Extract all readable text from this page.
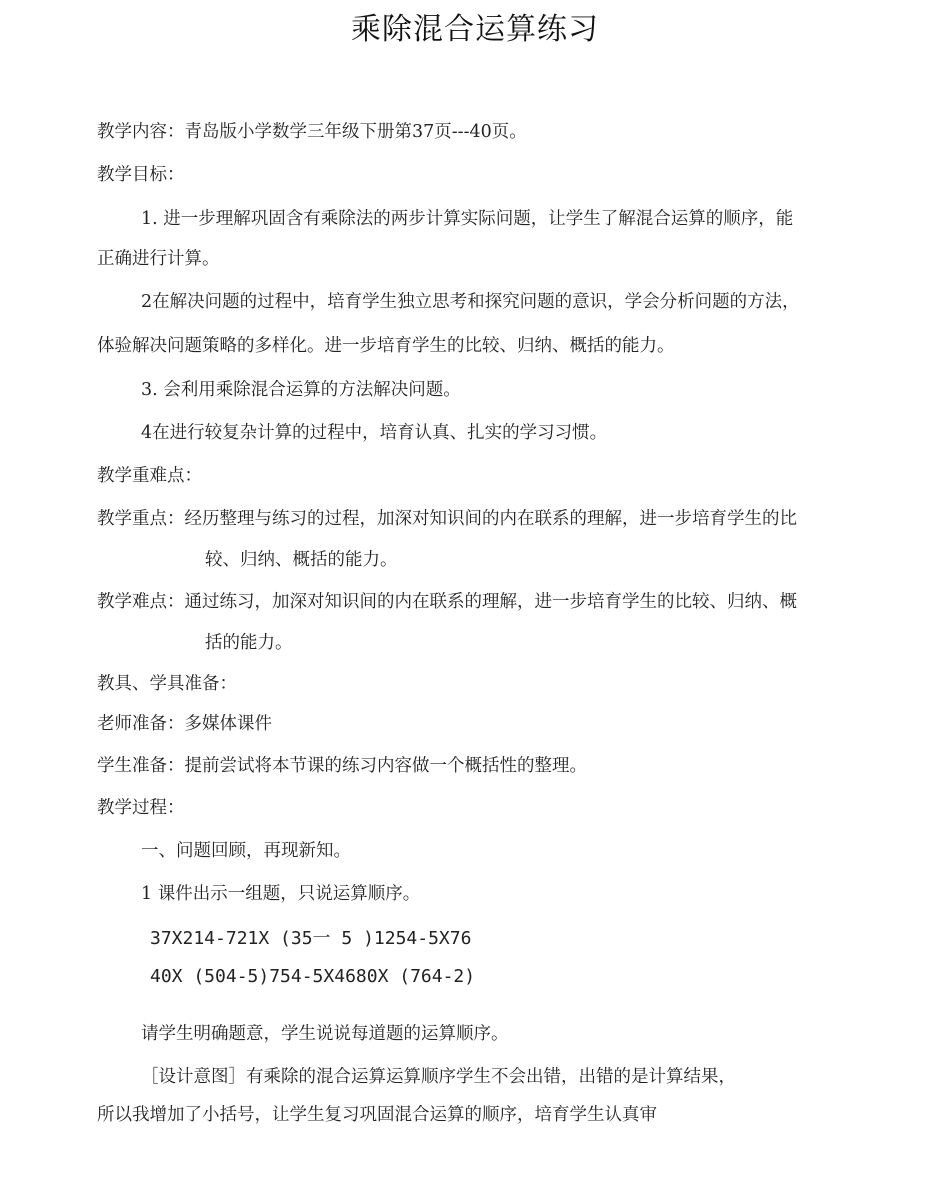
乘除混合运算练习
教学内容：青岛版小学数学三年级下册第37页---40页。
教学目标：
1. 进一步理解巩固含有乘除法的两步计算实际问题，让学生了解混合运算的顺序，能
正确进行计算。
2在解决问题的过程中，培育学生独立思考和探究问题的意识，学会分析问题的方法，
体验解决问题策略的多样化。进一步培育学生的比较、归纳、概括的能力。
3. 会利用乘除混合运算的方法解决问题。
4在进行较复杂计算的过程中，培育认真、扎实的学习习惯。
教学重难点：
教学重点：经历整理与练习的过程，加深对知识间的内在联系的理解，进一步培育学生的比
较、归纳、概括的能力。
教学难点：通过练习，加深对知识间的内在联系的理解，进一步培育学生的比较、归纳、概
括的能力。
教具、学具准备：
老师准备：多媒体课件
学生准备：提前尝试将本节课的练习内容做一个概括性的整理。
教学过程：
一、问题回顾，再现新知。
1 课件出示一组题，只说运算顺序。
37X214-721X (35一 5 )1254-5X76
40X (504-5)754-5X4680X (764-2)
请学生明确题意，学生说说每道题的运算顺序。
［设计意图］有乘除的混合运算运算顺序学生不会出错，出错的是计算结果，
所以我增加了小括号，让学生复习巩固混合运算的顺序，培育学生认真审
